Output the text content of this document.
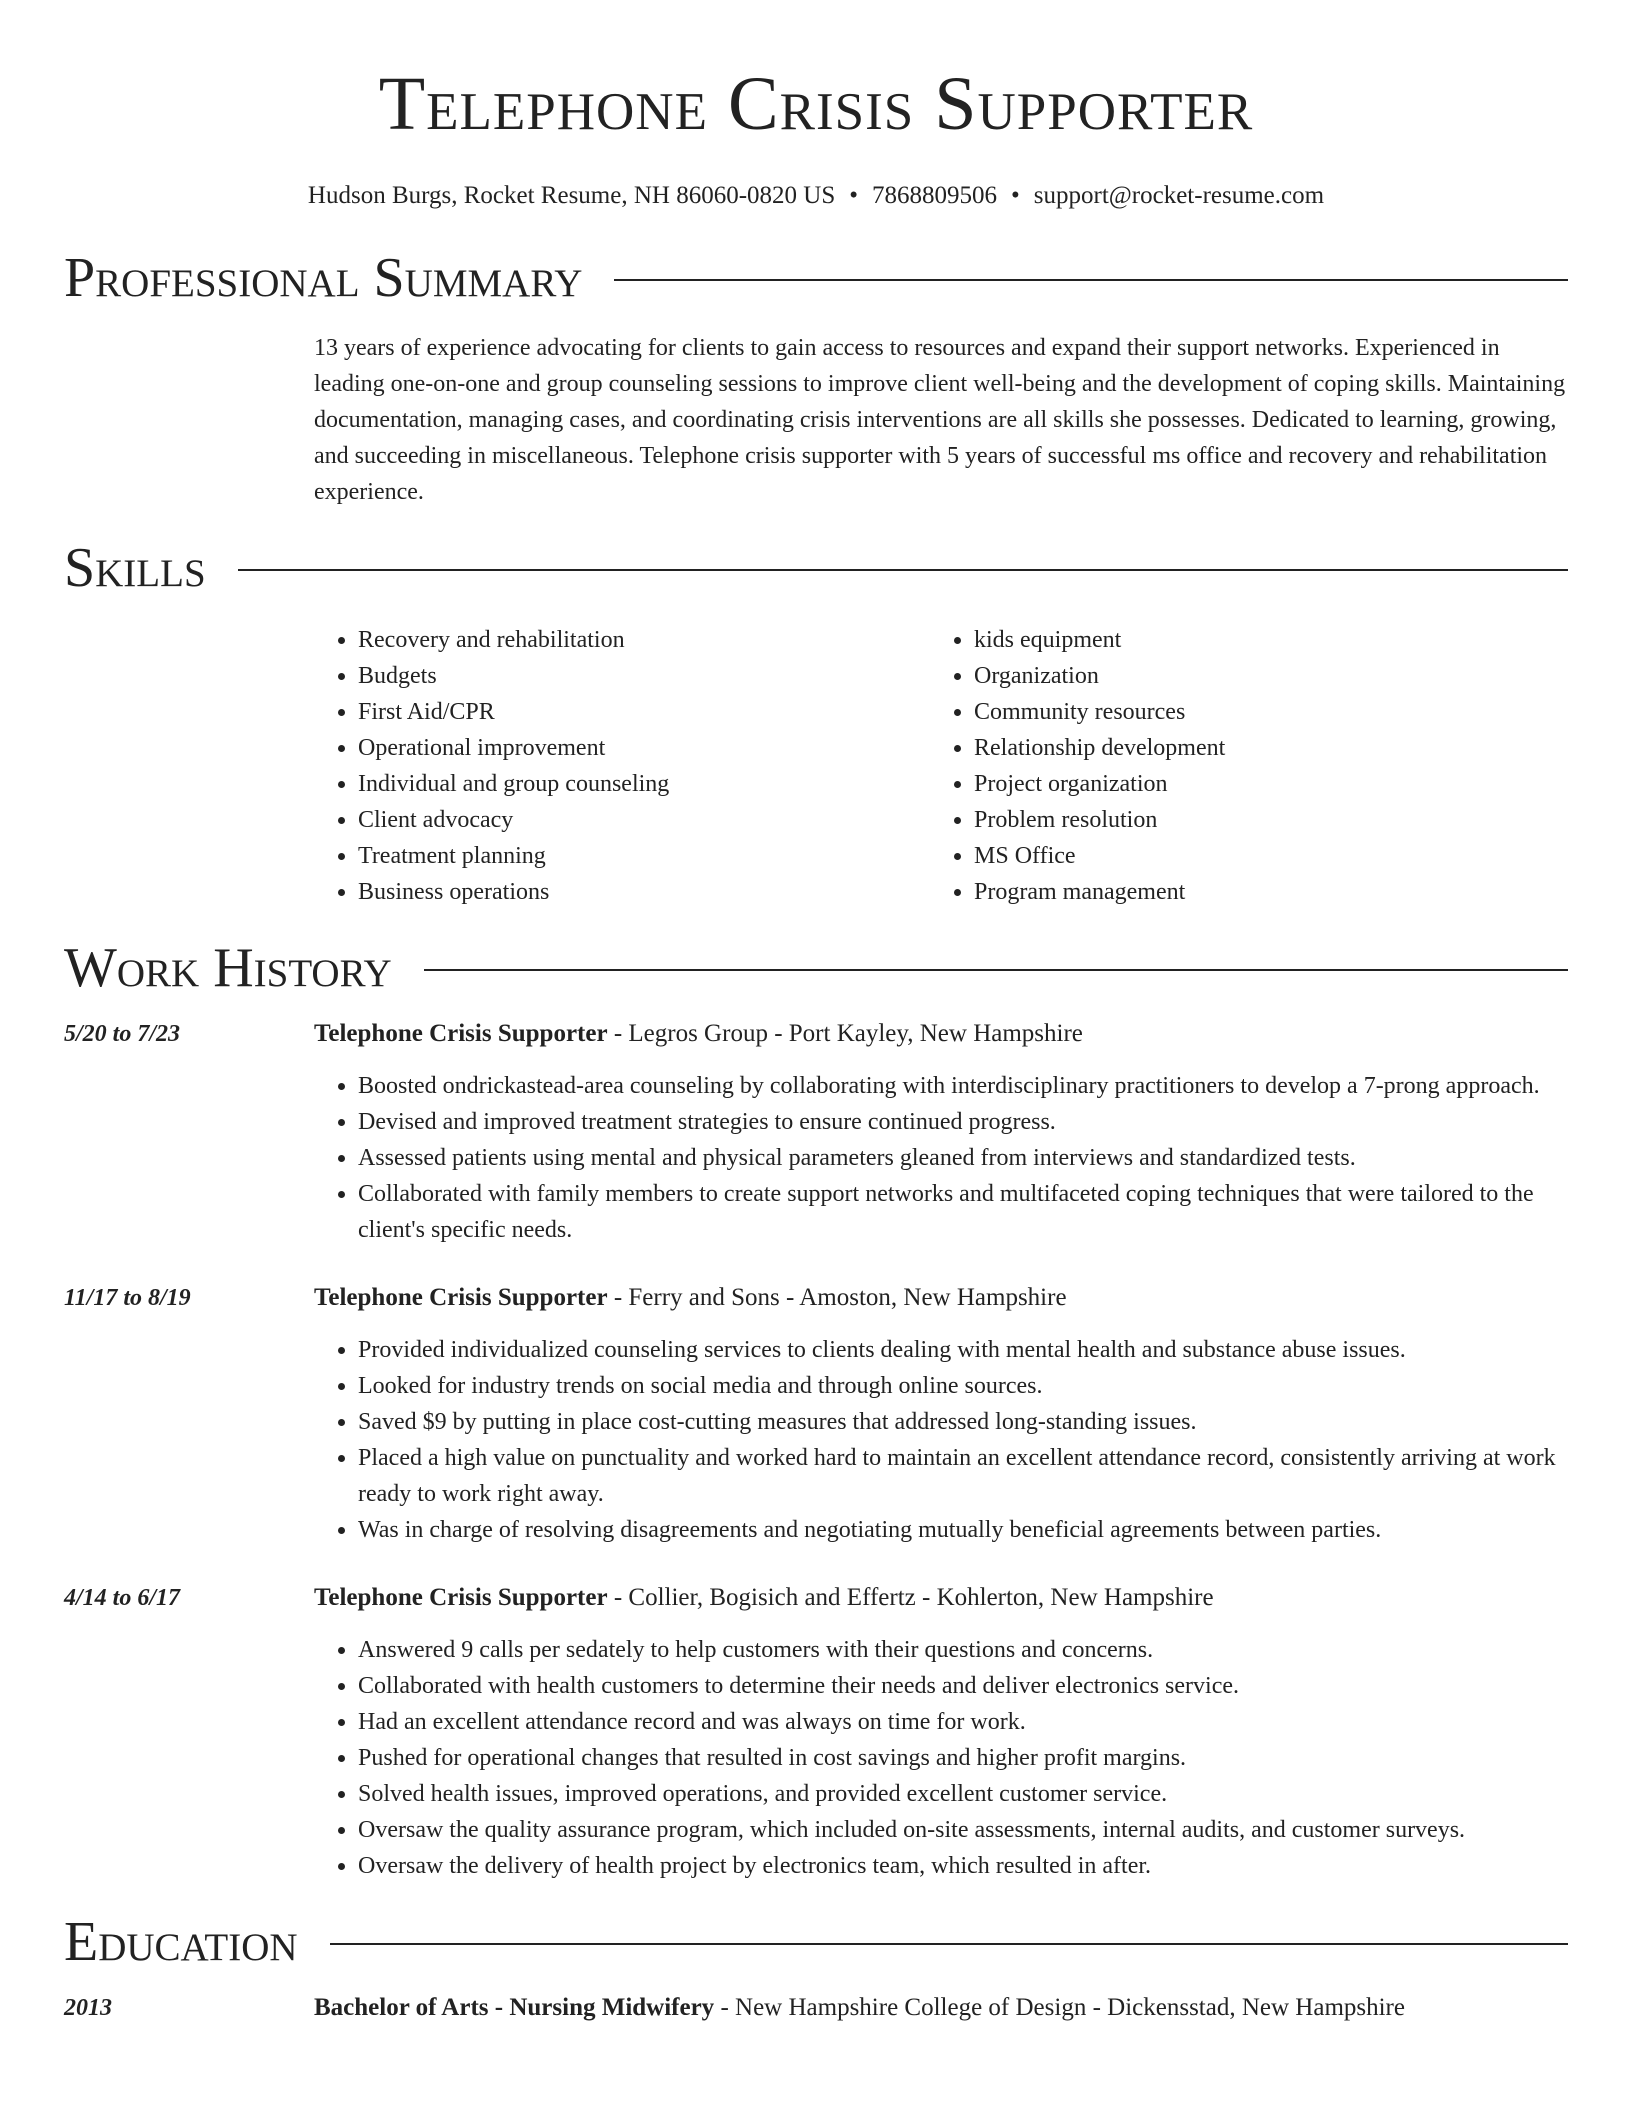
Telephone Crisis Supporter
Hudson Burgs, Rocket Resume, NH 86060-0820 US • 7868809506 • support@rocket-resume.com
Professional Summary
13 years of experience advocating for clients to gain access to resources and expand their support networks. Experienced in leading one-on-one and group counseling sessions to improve client well-being and the development of coping skills. Maintaining documentation, managing cases, and coordinating crisis interventions are all skills she possesses. Dedicated to learning, growing, and succeeding in miscellaneous. Telephone crisis supporter with 5 years of successful ms office and recovery and rehabilitation experience.
Skills
• Recovery and rehabilitation
• Budgets
• First Aid/CPR
• Operational improvement
• Individual and group counseling
• Client advocacy
• Treatment planning
• Business operations
• kids equipment
• Organization
• Community resources
• Relationship development
• Project organization
• Problem resolution
• MS Office
• Program management
Work History
5/20 to 7/23	Telephone Crisis Supporter - Legros Group - Port Kayley, New Hampshire
• Boosted ondrickastead-area counseling by collaborating with interdisciplinary practitioners to develop a 7-prong approach.
• Devised and improved treatment strategies to ensure continued progress.
• Assessed patients using mental and physical parameters gleaned from interviews and standardized tests.
• Collaborated with family members to create support networks and multifaceted coping techniques that were tailored to the client's specific needs.
11/17 to 8/19	Telephone Crisis Supporter - Ferry and Sons - Amoston, New Hampshire
• Provided individualized counseling services to clients dealing with mental health and substance abuse issues.
• Looked for industry trends on social media and through online sources.
• Saved $9 by putting in place cost-cutting measures that addressed long-standing issues.
• Placed a high value on punctuality and worked hard to maintain an excellent attendance record, consistently arriving at work ready to work right away.
• Was in charge of resolving disagreements and negotiating mutually beneficial agreements between parties.
4/14 to 6/17	Telephone Crisis Supporter - Collier, Bogisich and Effertz - Kohlerton, New Hampshire
• Answered 9 calls per sedately to help customers with their questions and concerns.
• Collaborated with health customers to determine their needs and deliver electronics service.
• Had an excellent attendance record and was always on time for work.
• Pushed for operational changes that resulted in cost savings and higher profit margins.
• Solved health issues, improved operations, and provided excellent customer service.
• Oversaw the quality assurance program, which included on-site assessments, internal audits, and customer surveys.
• Oversaw the delivery of health project by electronics team, which resulted in after.
Education
2013	Bachelor of Arts - Nursing Midwifery - New Hampshire College of Design - Dickensstad, New Hampshire
